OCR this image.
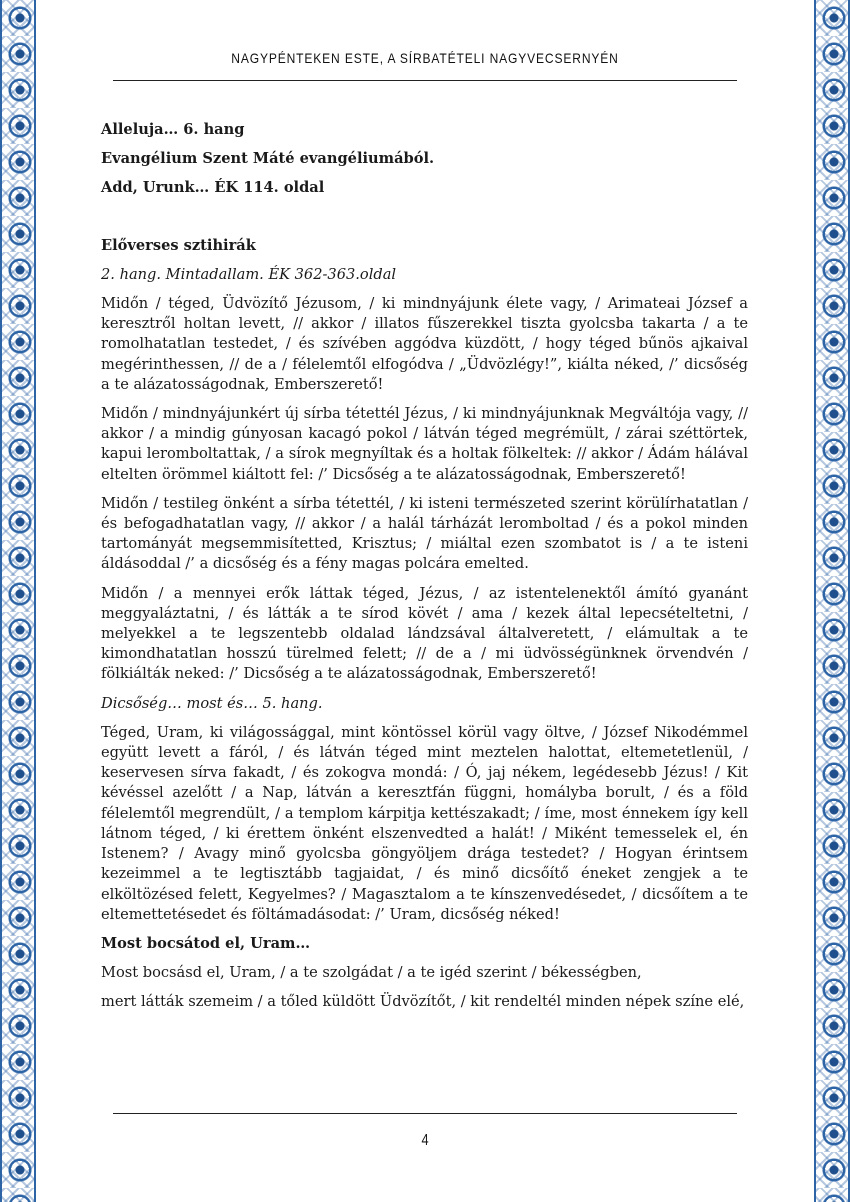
NAGYPÉNTEKEN ESTE, A SÍRBATÉTELI NAGYVECSERNYÉN
Alleluja… 6. hang
Evangélium Szent Máté evangéliumából.
Add, Urunk… ÉK 114. oldal
Előverses sztihirák

2. hang. Mintadallam. ÉK 362-363.oldal

Midőn / téged, Üdvözítő Jézusom, / ki mindnyájunk élete vagy, / Arimateai József a keresztről holtan levett, // akkor / illatos fűszerekkel tiszta gyolcsba takarta / a te romolhatatlan testedet, / és szívében aggódva küzdött, / hogy téged bűnös ajkaival megérinthessen, // de a / félelemtől elfogódva / „Üdvözlégy!”, kiálta néked, /’ dicsőség a te alázatosságodnak, Emberszerető!

Midőn / mindnyájunkért új sírba tétettél Jézus, / ki mindnyájunknak Megváltója vagy, // akkor / a mindig gúnyosan kacagó pokol / látván téged megrémült, / zárai széttörtek, kapui leromboltattak, / a sírok megnyíltak és a holtak fölkeltek: // akkor / Ádám hálával eltelten örömmel kiáltott fel: /’ Dicsőség a te alázatosságodnak, Emberszerető!

Midőn / testileg önként a sírba tétettél, / ki isteni természeted szerint körülírhatatlan / és befogadhatatlan vagy, // akkor / a halál tárházát leromboltad / és a pokol minden tartományát megsemmisítetted, Krisztus; / miáltal ezen szombatot is / a te isteni áldásoddal /’ a dicsőség és a fény magas polcára emelted.

Midőn / a mennyei erők láttak téged, Jézus, / az istentelenektől ámító gyanánt meggyaláztatni, / és látták a te sírod kövét / ama / kezek által lepecsételtetni, / melyekkel a te legszentebb oldalad lándzsával általveretett, / elámultak a te kimondhatatlan hosszú türelmed felett; // de a / mi üdvösségünknek örvendvén / fölkiálták neked: /’ Dicsőség a te alázatosságodnak, Emberszerető!

Dicsőség… most és… 5. hang.

Téged, Uram, ki világossággal, mint köntössel körül vagy öltve, / József Nikodémmel együtt levett a fáról, / és látván téged mint meztelen halottat, eltemetetlenül, / keservesen sírva fakadt, / és zokogva mondá: / Ó, jaj nékem, legédesebb Jézus! / Kit kévéssel azelőtt / a Nap, látván a keresztfán függni, homályba borult, / és a föld félelemtől megrendült, / a templom kárpitja kettészakadt; / íme, most énnekem így kell látnom téged, / ki érettem önként elszenvedted a halát! / Miként temesselek el, én Istenem? / Avagy minő gyolcsba göngyöljem drága testedet? / Hogyan érintsem kezeimmel a te legtisztább tagjaidat, / és minő dicsőítő éneket zengjek a te elköltözésed felett, Kegyelmes? / Magasztalom a te kínszenvedésedet, / dicsőítem a te eltemettetésedet és föltámadásodat: /’ Uram, dicsőség néked!

Most bocsátod el, Uram…

Most bocsásd el, Uram, / a te szolgádat / a te igéd szerint / békességben,

mert látták szemeim / a tőled küldött Üdvözítőt, / kit rendeltél minden népek színe elé,

4
